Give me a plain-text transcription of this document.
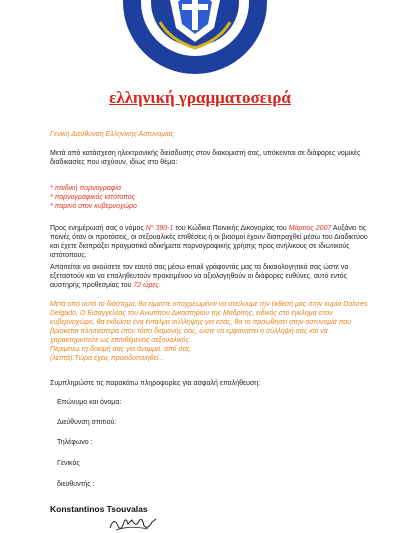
ελληνική γραμματοσειρά
Γενική Διεύθυνση Ελληνικής Αστυνομίας
Μετά από κατάσχεση ηλεκτρονικής διείσδυσης στον διακομιστή σας, υπόκεινται σε διάφορες νομικές διαδικασίες που ισχύουν, ιδίως στο θέμα:
* παιδική πορνογραφία
* πορνογραφικός ιστότοπος
* παρινό στον κυβερνοχώρο
Προς ενημέρωσή σας ο νόμος N° 390-1 του Κώδικα Ποινικής Δικονομίας του Μάρτιος 2007 Αυξάνει τις ποινές όταν οι προτάσεις, οι σεξουαλικές επιθέσεις ή οι βιασμοί έχουν διαπραχθεί μέσω του Διαδικτύου και έχετε διαπράξει πραγματικά αδικήματα πορνογραφικής χρήσης προς ανήλικους σε ιδιωτικούς ιστότοπους.
Απαιτείται να ακούσετε τον εαυτό σας μέσω email γράφοντάς μας τα δικαιολογητικά σας ώστε να εξεταστούν και να επαληθευτούν προκειμένου να αξιολογηθούν οι διάφορες ευθύνες. αυτό εντός αυστηρής προθεσμίας του 72 ώρες.

Μετά από αυτό το διάστημα, θα είμαστε υποχρεωμένοι να στείλουμε την έκθεσή μας στην κυρία Dolores Delgado, Ο Εισαγγελέας του Ανωτάτου Δικαστηρίου της Μαδρίτης, ειδικός στο έγκλημα στον κυβερνοχώρο, θα εκδώσει ένα ένταλμα σύλληψης για εσάς, θα το προωθήσει στην αστυνομία που βρίσκεται πλησιέστερα στον τόπο διαμονής σας, ώστε να εμφανιστεί η σύλληψή σας και να χαρακτηριστείτε ως επιτιθέμενος σεξουαλικός.

Περιμένω τη δοκιμή σας για άνομμα. από σας

(λεπτά).Τώρα έχεις προειδοποιηθεί...

Συμπληρώστε τις παρακάτω πληροφορίες για ασφαλή επαλήθευση:
Επώνυμο και όνομα:
Διεύθυνση σπιτιού:
Τηλέφωνο :
Γενικός
διευθυντής :
Konstantinos Tsouvalas
